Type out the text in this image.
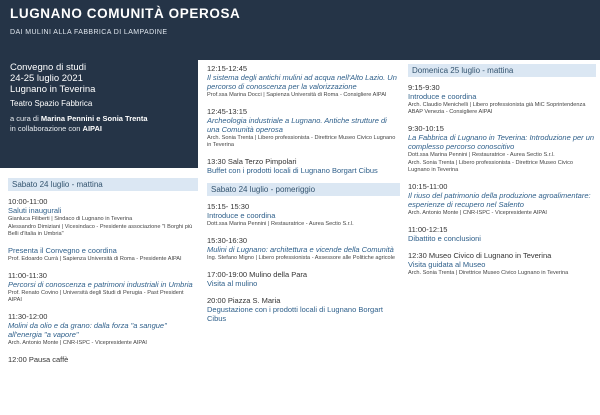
LUGNANO COMUNITÀ OPEROSA
DAI MULINI ALLA FABBRICA DI LAMPADINE
Convegno di studi
24-25 luglio 2021
Lugnano in Teverina
Teatro Spazio Fabbrica
a cura di Marina Pennini e Sonia Trenta
in collaborazione con AIPAI
Sabato 24 luglio - mattina
10:00-11:00
Saluti inaugurali
Gianluca Filiberti | Sindaco di Lugnano in Teverina
Alessandro Dimiziani | Vicesindaco - Presidente associazione "I Borghi più Belli d'Italia in Umbria"
Presenta il Convegno e coordina
Prof. Edoardo Currà | Sapienza Università di Roma - Presidente AIPAI
11:00-11:30
Percorsi di conoscenza e patrimoni industriali in Umbria
Prof. Renato Covino | Università degli Studi di Perugia - Past President AIPAI
11:30-12:00
Molini da olio e da grano: dalla forza "a sangue" all'energia "a vapore"
Arch. Antonio Monte | CNR-ISPC - Vicepresidente AIPAI
12:00 Pausa caffè
12:15-12:45
Il sistema degli antichi mulini ad acqua nell'Alto Lazio. Un percorso di conoscenza per la valorizzazione
Prof.ssa Marina Docci | Sapienza Università di Roma - Consigliere AIPAI
12:45-13:15
Archeologia industriale a Lugnano. Antiche strutture di una Comunità operosa
Arch. Sonia Trenta | Libero professionista - Direttrice Museo Civico Lugnano in Teverina
13:30 Sala Terzo Pimpolari
Buffet con i prodotti locali di Lugnano Borgart Cibus
Sabato 24 luglio - pomeriggio
15:15- 15:30
Introduce e coordina
Dott.ssa Marina Pennini | Restauratrice - Aurea Sectio S.r.l.
15:30-16:30
Mulini di Lugnano: architettura e vicende della Comunità
Ing. Stefano Migno | Libero professionista - Assessore alle Politiche agricole
17:00-19:00 Mulino della Para
Visita al mulino
20:00 Piazza S. Maria
Degustazione con i prodotti locali di Lugnano Borgart Cibus
Domenica 25 luglio - mattina
9:15-9:30
Introduce e coordina
Arch. Claudio Menichelli | Libero professionista già MiC Soprintendenza ABAP Venezia - Consigliere AIPAI
9:30-10:15
La Fabbrica di Lugnano in Teverina: Introduzione per un complesso percorso conoscitivo
Dott.ssa Marina Pennini | Restauratrice - Aurea Sectio S.r.l.
Arch. Sonia Trenta | Libero professionista - Direttrice Museo Civico Lugnano in Teverina
10:15-11:00
Il riuso del patrimonio della produzione agroalimentare: esperienze di recupero nel Salento
Arch. Antonio Monte | CNR-ISPC - Vicepresidente AIPAI
11:00-12:15
Dibattito e conclusioni
12:30 Museo Civico di Lugnano in Teverina
Visita guidata al Museo
Arch. Sonia Trenta | Direttrice Museo Civico Lugnano in Teverina
